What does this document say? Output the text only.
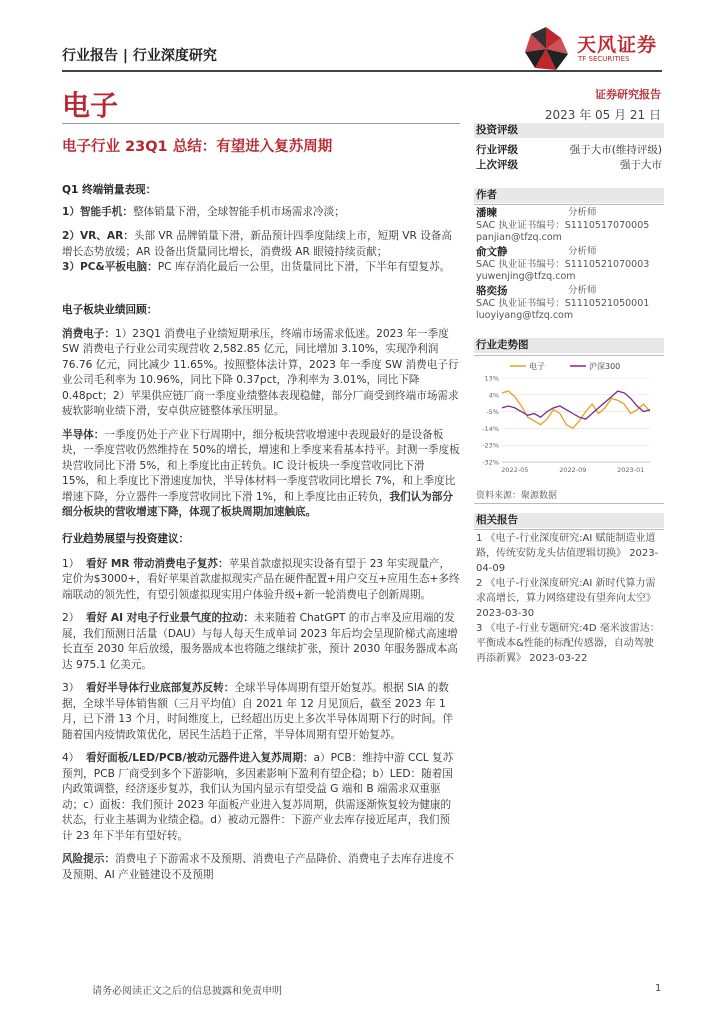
行业报告 | 行业深度研究	天风证券
TF SECURITIES
电子	证券研究报告
2023 年 05 月 21 日
电子行业 23Q1 总结：有望进入复苏周期

Q1 终端销量表现：

1）智能手机：整体销量下滑，全球智能手机市场需求冷淡；

2）VR、AR：头部 VR 品牌销量下滑，新品预计四季度陆续上市，短期 VR 设备高增长态势放缓；AR 设备出货量同比增长，消费级 AR 眼镜持续贡献；

3）PC&平板电脑：PC 库存消化最后一公里，出货量同比下滑，下半年有望复苏。

电子板块业绩回顾：

消费电子：1）23Q1 消费电子业绩短期承压，终端市场需求低迷。2023 年一季度 SW 消费电子行业公司实现营收 2,582.85 亿元，同比增加 3.10%，实现净利润 76.76 亿元，同比减少 11.65%。按照整体法计算，2023 年一季度 SW 消费电子行业公司毛利率为 10.96%，同比下降 0.37pct，净利率为 3.01%，同比下降 0.48pct；2）苹果供应链厂商一季度业绩整体表现稳健，部分厂商受到终端市场需求疲软影响业绩下滑，安卓供应链整体承压明显。

半导体：一季度仍处于产业下行周期中，细分板块营收增速中表现最好的是设备板块，一季度营收仍然维持在 50%的增长，增速和上季度来看基本持平。封测一季度板块营收同比下滑 5%，和上季度比由正转负。IC 设计板块一季度营收同比下滑 15%，和上季度比下滑速度加快，半导体材料一季度营收同比增长 7%，和上季度比增速下降，分立器件一季度营收同比下滑 1%，和上季度比由正转负，我们认为部分细分板块的营收增速下降，体现了板块周期加速触底。

行业趋势展望与投资建议：

1） 看好 MR 带动消费电子复苏：苹果首款虚拟现实设备有望于 23 年实现量产，定价为$3000+，看好苹果首款虚拟现实产品在硬件配置+用户交互+应用生态+多终端联动的领先性，有望引领虚拟现实用户体验升级+新一轮消费电子创新周期。

2） 看好 AI 对电子行业景气度的拉动：未来随着 ChatGPT 的市占率及应用端的发展，我们预测日活量（DAU）与每人每天生成单词 2023 年后均会呈现阶梯式高速增长直至 2030 年后放缓，服务器成本也将随之继续扩张，预计 2030 年服务器成本高达 975.1 亿美元。

3） 看好半导体行业底部复苏反转：全球半导体周期有望开始复苏。根据 SIA 的数据，全球半导体销售额（三月平均值）自 2021 年 12 月见顶后，截至 2023 年 1 月，已下滑 13 个月，时间维度上，已经超出历史上多次半导体周期下行的时间。伴随着国内疫情政策优化，居民生活趋于正常，半导体周期有望开始复苏。

4） 看好面板/LED/PCB/被动元器件进入复苏周期：a）PCB：维持中游 CCL 复苏预判，PCB 厂商受到多个下游影响，多因素影响下盈利有望企稳；b）LED：随着国内政策调整，经济逐步复苏，我们认为国内显示有望受益 G 端和 B 端需求双重驱动；c）面板：我们预计 2023 年面板产业进入复苏周期，供需逐渐恢复较为健康的状态，行业主基调为业绩企稳。d）被动元器件：下游产业去库存接近尾声，我们预计 23 年下半年有望好转。

风险提示：消费电子下游需求不及预期、消费电子产品降价、消费电子去库存进度不及预期、AI 产业链建设不及预期

投资评级
行业评级	强于大市(维持评级)
上次评级	强于大市
作者
潘暕	分析师
SAC 执业证书编号：S1110517070005
panjian@tfzq.com
俞文静	分析师
SAC 执业证书编号：S1110521070003
yuwenjing@tfzq.com
骆奕扬	分析师
SAC 执业证书编号：S1110521050001
luoyiyang@tfzq.com
行业走势图
电子	沪深300
13%
4%
-5%
-14%
-23%
-32%
2022-05	2022-09	2023-01
资料来源：聚源数据
相关报告
1 《电子-行业深度研究:AI 赋能制造业道路，传统安防龙头估值逻辑切换》 2023-04-09
2 《电子-行业深度研究:AI 新时代算力需求高增长，算力网络建设有望奔向太空》 2023-03-30
3 《电子-行业专题研究:4D 毫米波雷达：平衡成本&性能的标配传感器，自动驾驶再添新翼》 2023-03-22
请务必阅读正文之后的信息披露和免责申明	1
